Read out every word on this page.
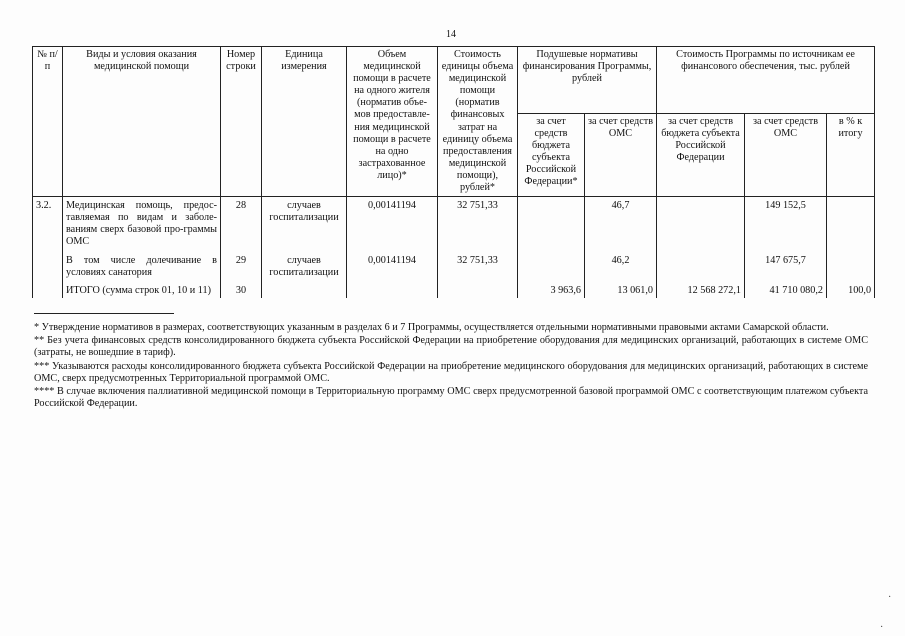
14
№ п/п	Виды и условия оказания медицинской помощи	Номер строки	Единица измерения	Объем медицинской помощи в расчете на одного жителя (норматив объе-мов предоставле-ния медицинской помощи в расчете на одно застрахованное лицо)*	Стоимость единицы объема медицинской помощи (норматив финансовых затрат на единицу объема предоставления медицинской помощи), рублей*	Подушевые нормативы финансирования Программы, рублей		Стоимость Программы по источникам ее финансового обеспечения, тыс. рублей		
						за счет средств бюджета субъекта Российской Федерации*	за счет средств ОМС	за счет средств бюджета субъекта Российской Федерации	за счет средств ОМС	в % к итогу
3.2.	Медицинская помощь, предос-тавляемая по видам и заболе-ваниям сверх базовой про-граммы ОМС	28	случаев госпитализации	0,00141194	32 751,33		46,7		149 152,5	
	В том числе долечивание в условиях санатория	29	случаев госпитализации	0,00141194	32 751,33		46,2		147 675,7	
	ИТОГО (сумма строк 01, 10 и 11)	30				3 963,6	13 061,0	12 568 272,1	41 710 080,2	100,0

* Утверждение нормативов в размерах, соответствующих указанным в разделах 6 и 7 Программы, осуществляется отдельными нормативными правовыми актами Самарской области.

** Без учета финансовых средств консолидированного бюджета субъекта Российской Федерации на приобретение оборудования для медицинских организаций, работающих в системе ОМС (затраты, не вошедшие в тариф).

*** Указываются расходы консолидированного бюджета субъекта Российской Федерации на приобретение медицинского оборудования для медицинских организаций, работающих в системе ОМС, сверх предусмотренных Территориальной программой ОМС.

**** В случае включения паллиативной медицинской помощи в Территориальную программу ОМС сверх предусмотренной базовой программой ОМС с соответствующим платежом субъекта Российской Федерации.

·
·
